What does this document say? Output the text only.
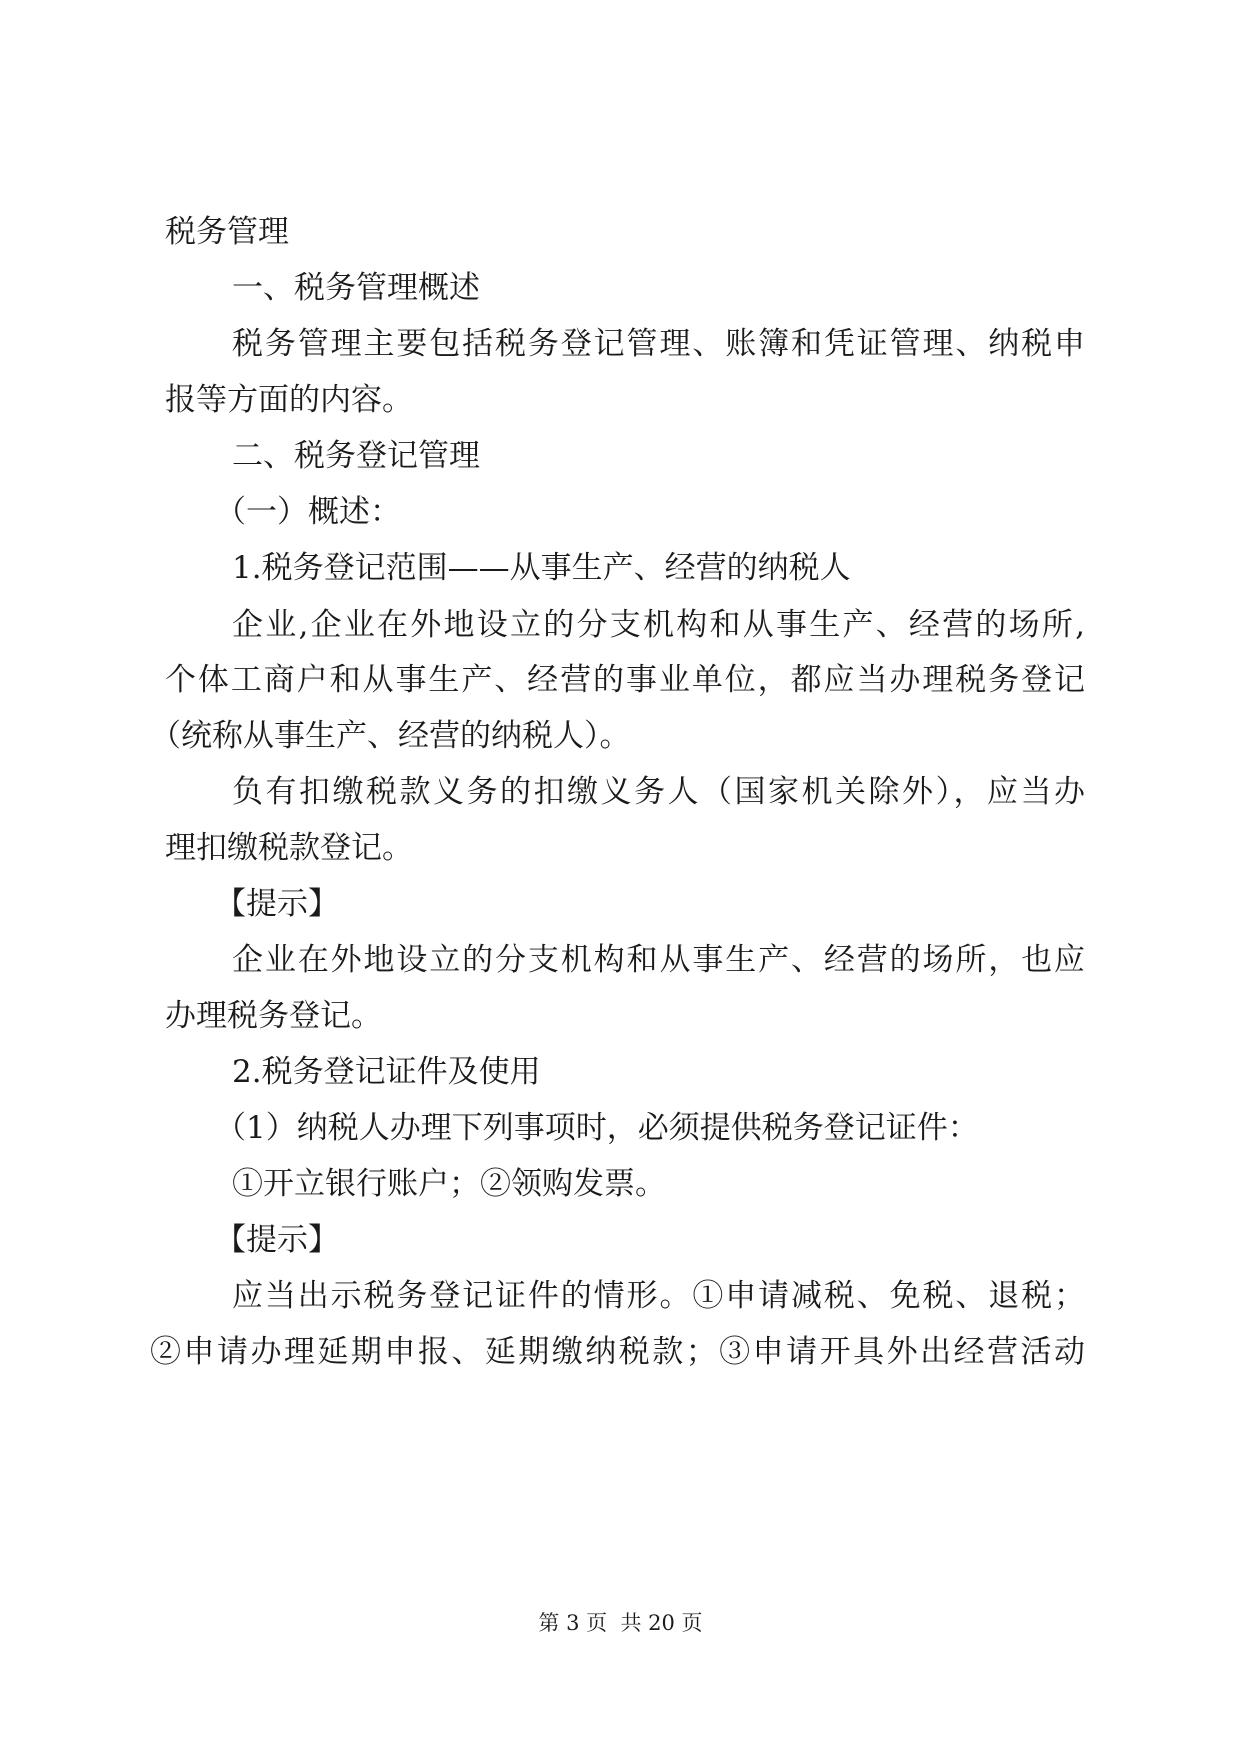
税务管理
一、税务管理概述
税务管理主要包括税务登记管理、账簿和凭证管理、纳税申
报等方面的内容。
二、税务登记管理
（一）概述：
1.税务登记范围——从事生产、经营的纳税人
企业,企业在外地设立的分支机构和从事生产、经营的场所,
个体工商户和从事生产、经营的事业单位，都应当办理税务登记
（统称从事生产、经营的纳税人）。
负有扣缴税款义务的扣缴义务人（国家机关除外），应当办
理扣缴税款登记。
【提示】
企业在外地设立的分支机构和从事生产、经营的场所，也应
办理税务登记。
2.税务登记证件及使用
（1）纳税人办理下列事项时，必须提供税务登记证件：
①开立银行账户；②领购发票。
【提示】
应当出示税务登记证件的情形。①申请减税、免税、退税；
②申请办理延期申报、延期缴纳税款；③申请开具外出经营活动
第 3 页  共 20 页
